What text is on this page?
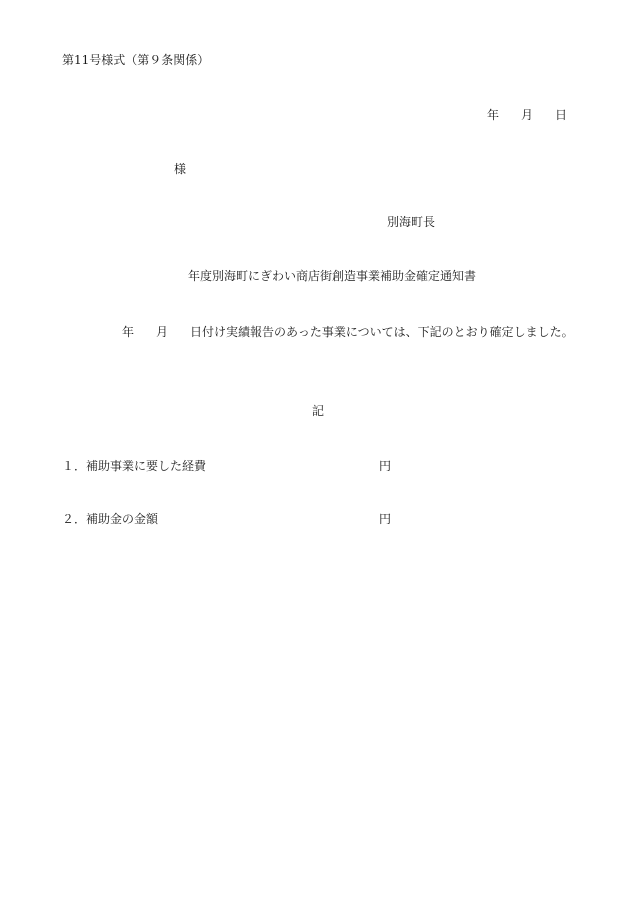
第11号様式（第９条関係）
年 月 日
様
別海町長
年度別海町にぎわい商店街創造事業補助金確定通知書
年 月 日付け実績報告のあった事業については、下記のとおり確定しました。
記
１．補助事業に要した経費	円
２．補助金の金額	円
